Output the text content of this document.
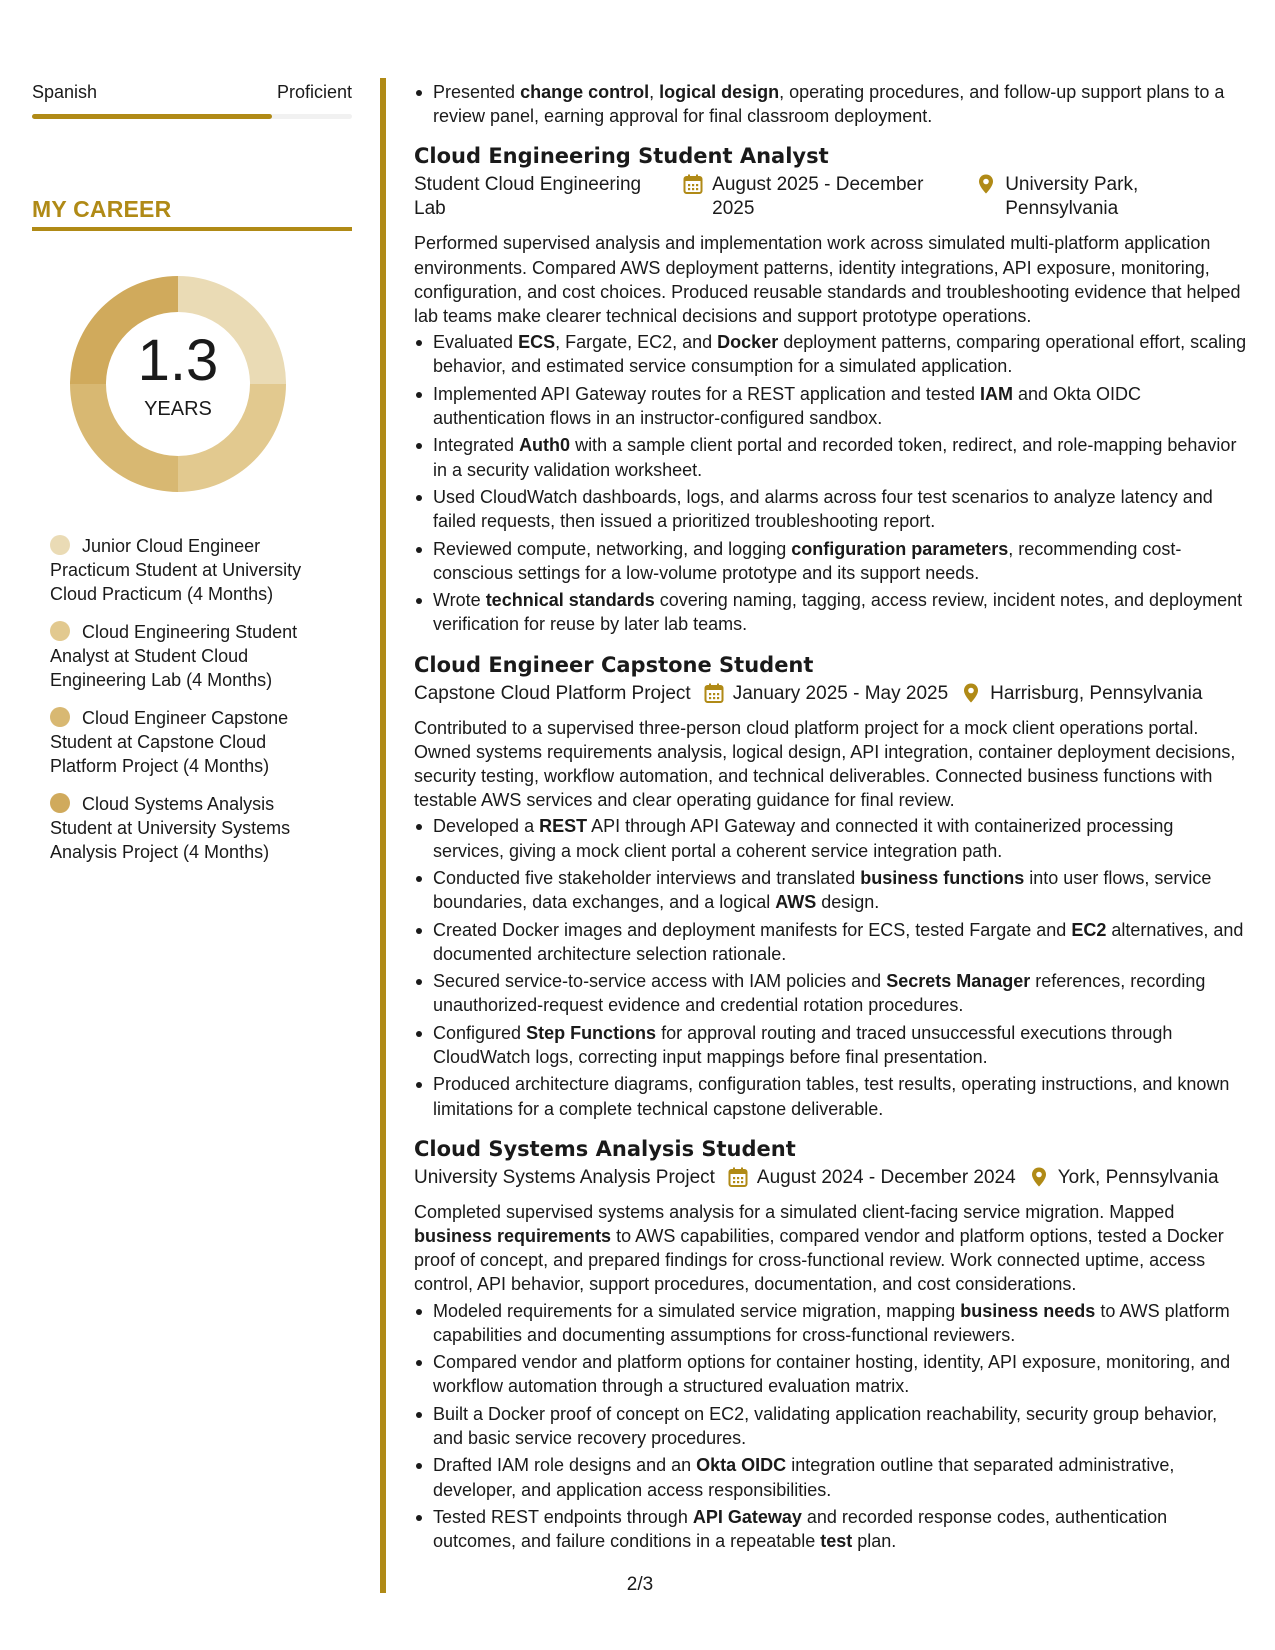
Spanish	Proficient
MY CAREER
1.3
YEARS
Junior Cloud Engineer Practicum Student at University Cloud Practicum (4 Months)
Cloud Engineering Student Analyst at Student Cloud Engineering Lab (4 Months)
Cloud Engineer Capstone Student at Capstone Cloud Platform Project (4 Months)
Cloud Systems Analysis Student at University Systems Analysis Project (4 Months)
Presented change control, logical design, operating procedures, and follow-up support plans to a review panel, earning approval for final classroom deployment.
Cloud Engineering Student Analyst
Student Cloud Engineering Lab
August 2025 - December 2025
University Park, Pennsylvania
Performed supervised analysis and implementation work across simulated multi-platform application environments. Compared AWS deployment patterns, identity integrations, API exposure, monitoring, configuration, and cost choices. Produced reusable standards and troubleshooting evidence that helped lab teams make clearer technical decisions and support prototype operations.
Evaluated ECS, Fargate, EC2, and Docker deployment patterns, comparing operational effort, scaling behavior, and estimated service consumption for a simulated application.
Implemented API Gateway routes for a REST application and tested IAM and Okta OIDC authentication flows in an instructor-configured sandbox.
Integrated Auth0 with a sample client portal and recorded token, redirect, and role-mapping behavior in a security validation worksheet.
Used CloudWatch dashboards, logs, and alarms across four test scenarios to analyze latency and failed requests, then issued a prioritized troubleshooting report.
Reviewed compute, networking, and logging configuration parameters, recommending cost-conscious settings for a low-volume prototype and its support needs.
Wrote technical standards covering naming, tagging, access review, incident notes, and deployment verification for reuse by later lab teams.
Cloud Engineer Capstone Student
Capstone Cloud Platform Project January 2025 - May 2025 Harrisburg, Pennsylvania
Contributed to a supervised three-person cloud platform project for a mock client operations portal. Owned systems requirements analysis, logical design, API integration, container deployment decisions, security testing, workflow automation, and technical deliverables. Connected business functions with testable AWS services and clear operating guidance for final review.
Developed a REST API through API Gateway and connected it with containerized processing services, giving a mock client portal a coherent service integration path.
Conducted five stakeholder interviews and translated business functions into user flows, service boundaries, data exchanges, and a logical AWS design.
Created Docker images and deployment manifests for ECS, tested Fargate and EC2 alternatives, and documented architecture selection rationale.
Secured service-to-service access with IAM policies and Secrets Manager references, recording unauthorized-request evidence and credential rotation procedures.
Configured Step Functions for approval routing and traced unsuccessful executions through CloudWatch logs, correcting input mappings before final presentation.
Produced architecture diagrams, configuration tables, test results, operating instructions, and known limitations for a complete technical capstone deliverable.
Cloud Systems Analysis Student
University Systems Analysis Project August 2024 - December 2024 York, Pennsylvania
Completed supervised systems analysis for a simulated client-facing service migration. Mapped business requirements to AWS capabilities, compared vendor and platform options, tested a Docker proof of concept, and prepared findings for cross-functional review. Work connected uptime, access control, API behavior, support procedures, documentation, and cost considerations.
Modeled requirements for a simulated service migration, mapping business needs to AWS platform capabilities and documenting assumptions for cross-functional reviewers.
Compared vendor and platform options for container hosting, identity, API exposure, monitoring, and workflow automation through a structured evaluation matrix.
Built a Docker proof of concept on EC2, validating application reachability, security group behavior, and basic service recovery procedures.
Drafted IAM role designs and an Okta OIDC integration outline that separated administrative, developer, and application access responsibilities.
Tested REST endpoints through API Gateway and recorded response codes, authentication outcomes, and failure conditions in a repeatable test plan.
2/3
